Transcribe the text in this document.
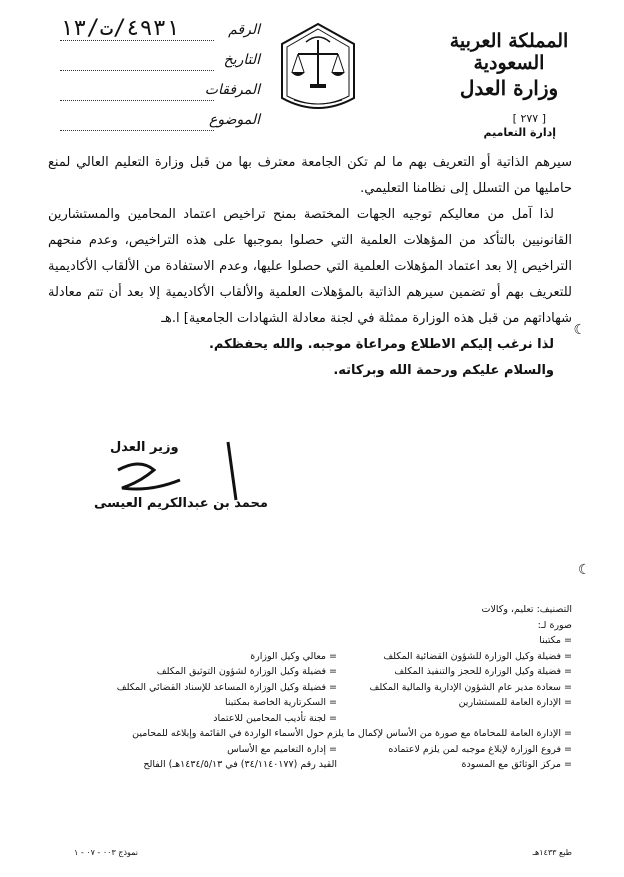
المملكة العربية السعودية
وزارة العدل
[ ٢٧٧ ]
إدارة التعاميم
الرقم
٤٩٣١/ت/١٣
التاريخ
المرفقات
الموضوع

سيرهم الذاتية أو التعريف بهم ما لم تكن الجامعة معترف بها من قبل وزارة التعليم العالي لمنع حامليها من التسلل إلى نظامنا التعليمي.

لذا آمل من معاليكم توجيه الجهات المختصة بمنح تراخيص اعتماد المحامين والمستشارين القانونيين بالتأكد من المؤهلات العلمية التي حصلوا بموجبها على هذه التراخيص، وعدم منحهم التراخيص إلا بعد اعتماد المؤهلات العلمية التي حصلوا عليها، وعدم الاستفادة من الألقاب الأكاديمية للتعريف بهم أو تضمين سيرهم الذاتية بالمؤهلات العلمية والألقاب الأكاديمية إلا بعد أن تتم معادلة شهاداتهم من قبل هذه الوزارة ممثلة في لجنة معادلة الشهادات الجامعية] ا.هـ

لذا نرغب إليكم الاطلاع ومراعاة موجبه. والله يحفظكم.

والسلام عليكم ورحمة الله وبركاته.

☾
☾
وزير العدل
محمد بن عبدالكريم العيسى
التصنيف: تعليم، وكالات
صورة لـ:
= مكتبنا
= فضيلة وكيل الوزارة للشؤون القضائية المكلف
= معالي وكيل الوزارة
= فضيلة وكيل الوزارة للحجز والتنفيذ المكلف
= فضيلة وكيل الوزارة لشؤون التوثيق المكلف
= سعادة مدير عام الشؤون الإدارية والمالية المكلف
= فضيلة وكيل الوزارة المساعد للإسناد القضائي المكلف
= الإدارة العامة للمستشارين
= السكرتارية الخاصة بمكتبنا
= لجنة تأديب المحامين للاعتماد
= الإدارة العامة للمحاماة مع صورة من الأساس لإكمال ما يلزم حول الأسماء الواردة في القائمة وإبلاغه للمحامين
= فروع الوزارة لإبلاغ موجبه لمن يلزم لاعتماده
= إدارة التعاميم مع الأساس
= مركز الوثائق مع المسودة
القيد رقم (٣٤/١١٤٠١٧٧) في ١٤٣٤/٥/١٣هـ) الفالح
نموذج ٠٠٣ - ٠٧ - ١	طبع ١٤٣٣هـ
